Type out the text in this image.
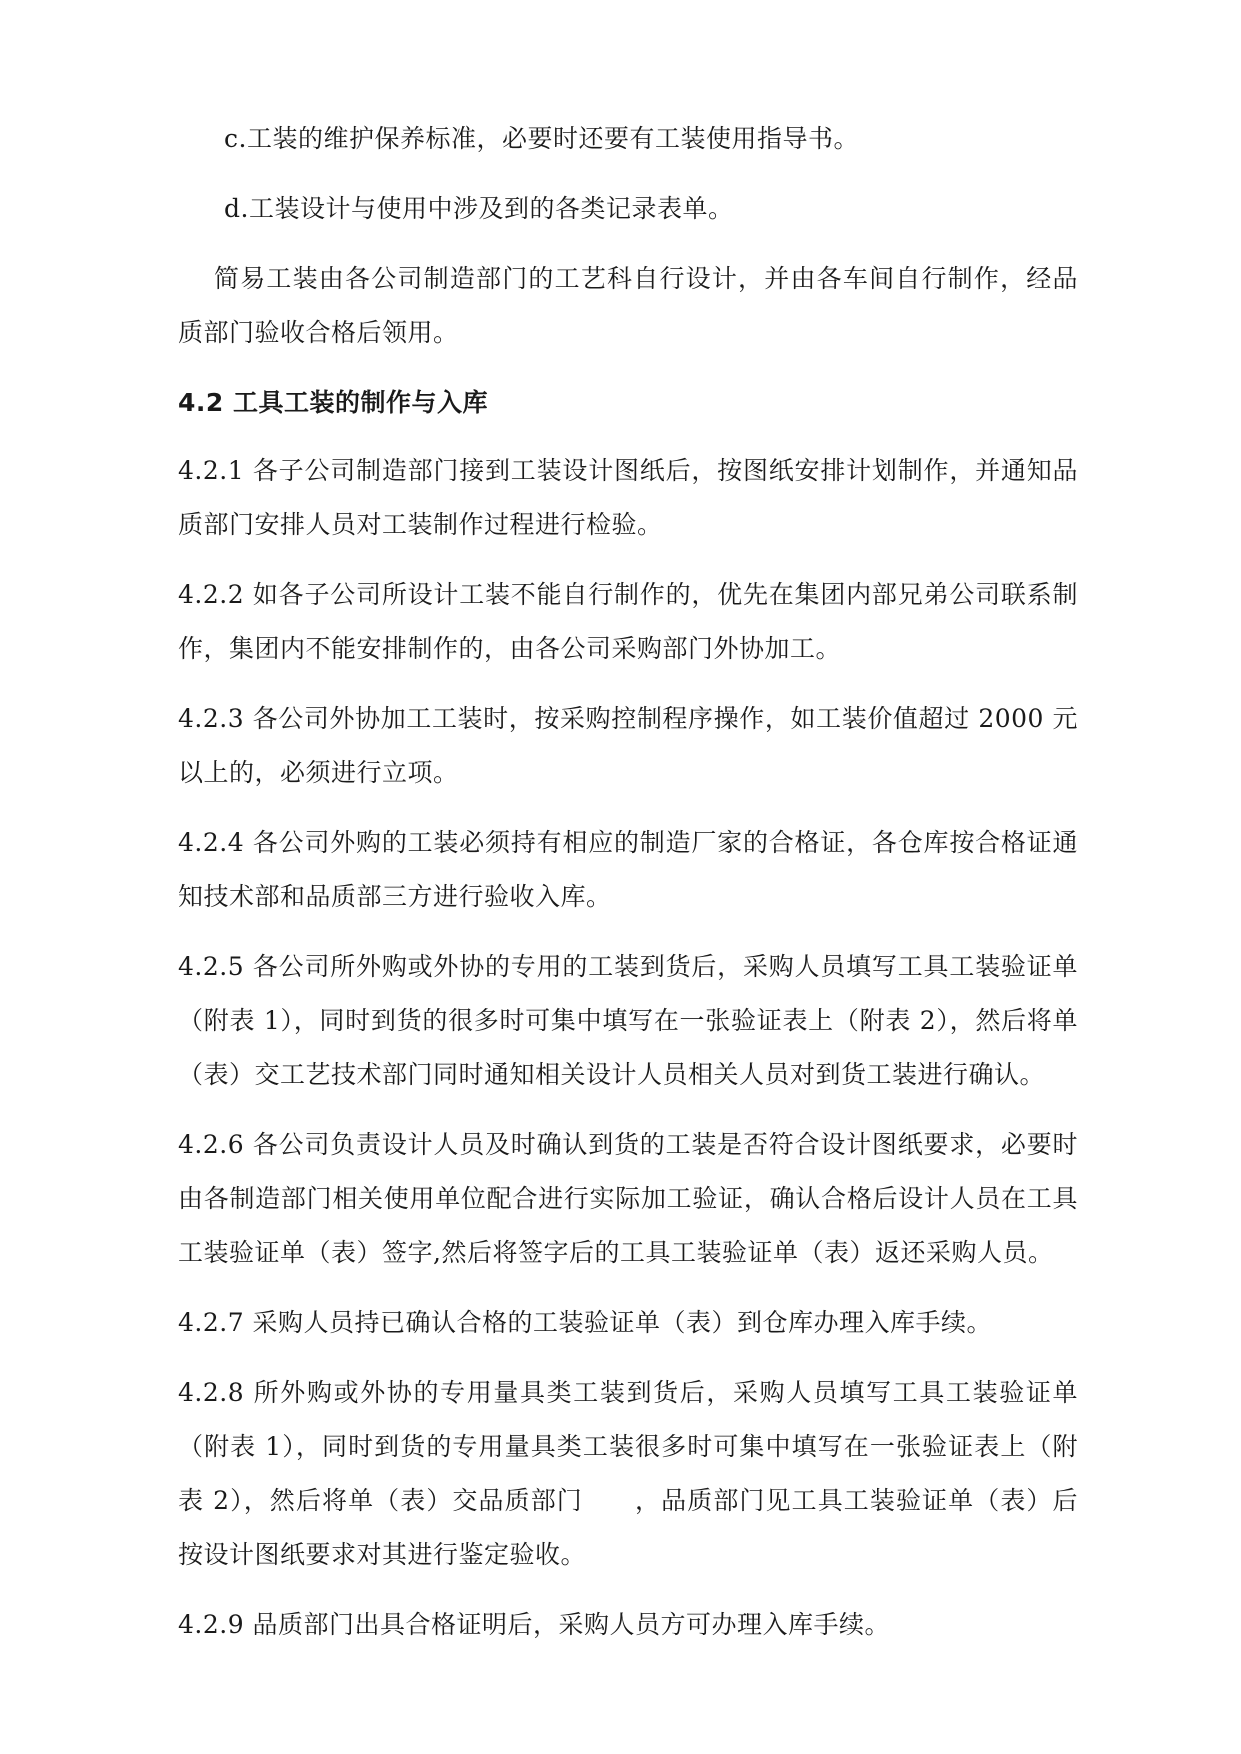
c.工装的维护保养标准，必要时还要有工装使用指导书。

d.工装设计与使用中涉及到的各类记录表单。

简易工装由各公司制造部门的工艺科自行设计，并由各车间自行制作，经品质部门验收合格后领用。

4.2 工具工装的制作与入库

4.2.1 各子公司制造部门接到工装设计图纸后，按图纸安排计划制作，并通知品质部门安排人员对工装制作过程进行检验。

4.2.2 如各子公司所设计工装不能自行制作的，优先在集团内部兄弟公司联系制作，集团内不能安排制作的，由各公司采购部门外协加工。

4.2.3 各公司外协加工工装时，按采购控制程序操作，如工装价值超过 2000 元以上的，必须进行立项。

4.2.4 各公司外购的工装必须持有相应的制造厂家的合格证，各仓库按合格证通知技术部和品质部三方进行验收入库。

4.2.5 各公司所外购或外协的专用的工装到货后，采购人员填写工具工装验证单（附表 1），同时到货的很多时可集中填写在一张验证表上（附表 2），然后将单（表）交工艺技术部门同时通知相关设计人员相关人员对到货工装进行确认。

4.2.6 各公司负责设计人员及时确认到货的工装是否符合设计图纸要求，必要时由各制造部门相关使用单位配合进行实际加工验证，确认合格后设计人员在工具工装验证单（表）签字,然后将签字后的工具工装验证单（表）返还采购人员。

4.2.7 采购人员持已确认合格的工装验证单（表）到仓库办理入库手续。

4.2.8 所外购或外协的专用量具类工装到货后，采购人员填写工具工装验证单（附表 1），同时到货的专用量具类工装很多时可集中填写在一张验证表上（附表 2），然后将单（表）交品质部门　　，品质部门见工具工装验证单（表）后按设计图纸要求对其进行鉴定验收。

4.2.9 品质部门出具合格证明后，采购人员方可办理入库手续。
